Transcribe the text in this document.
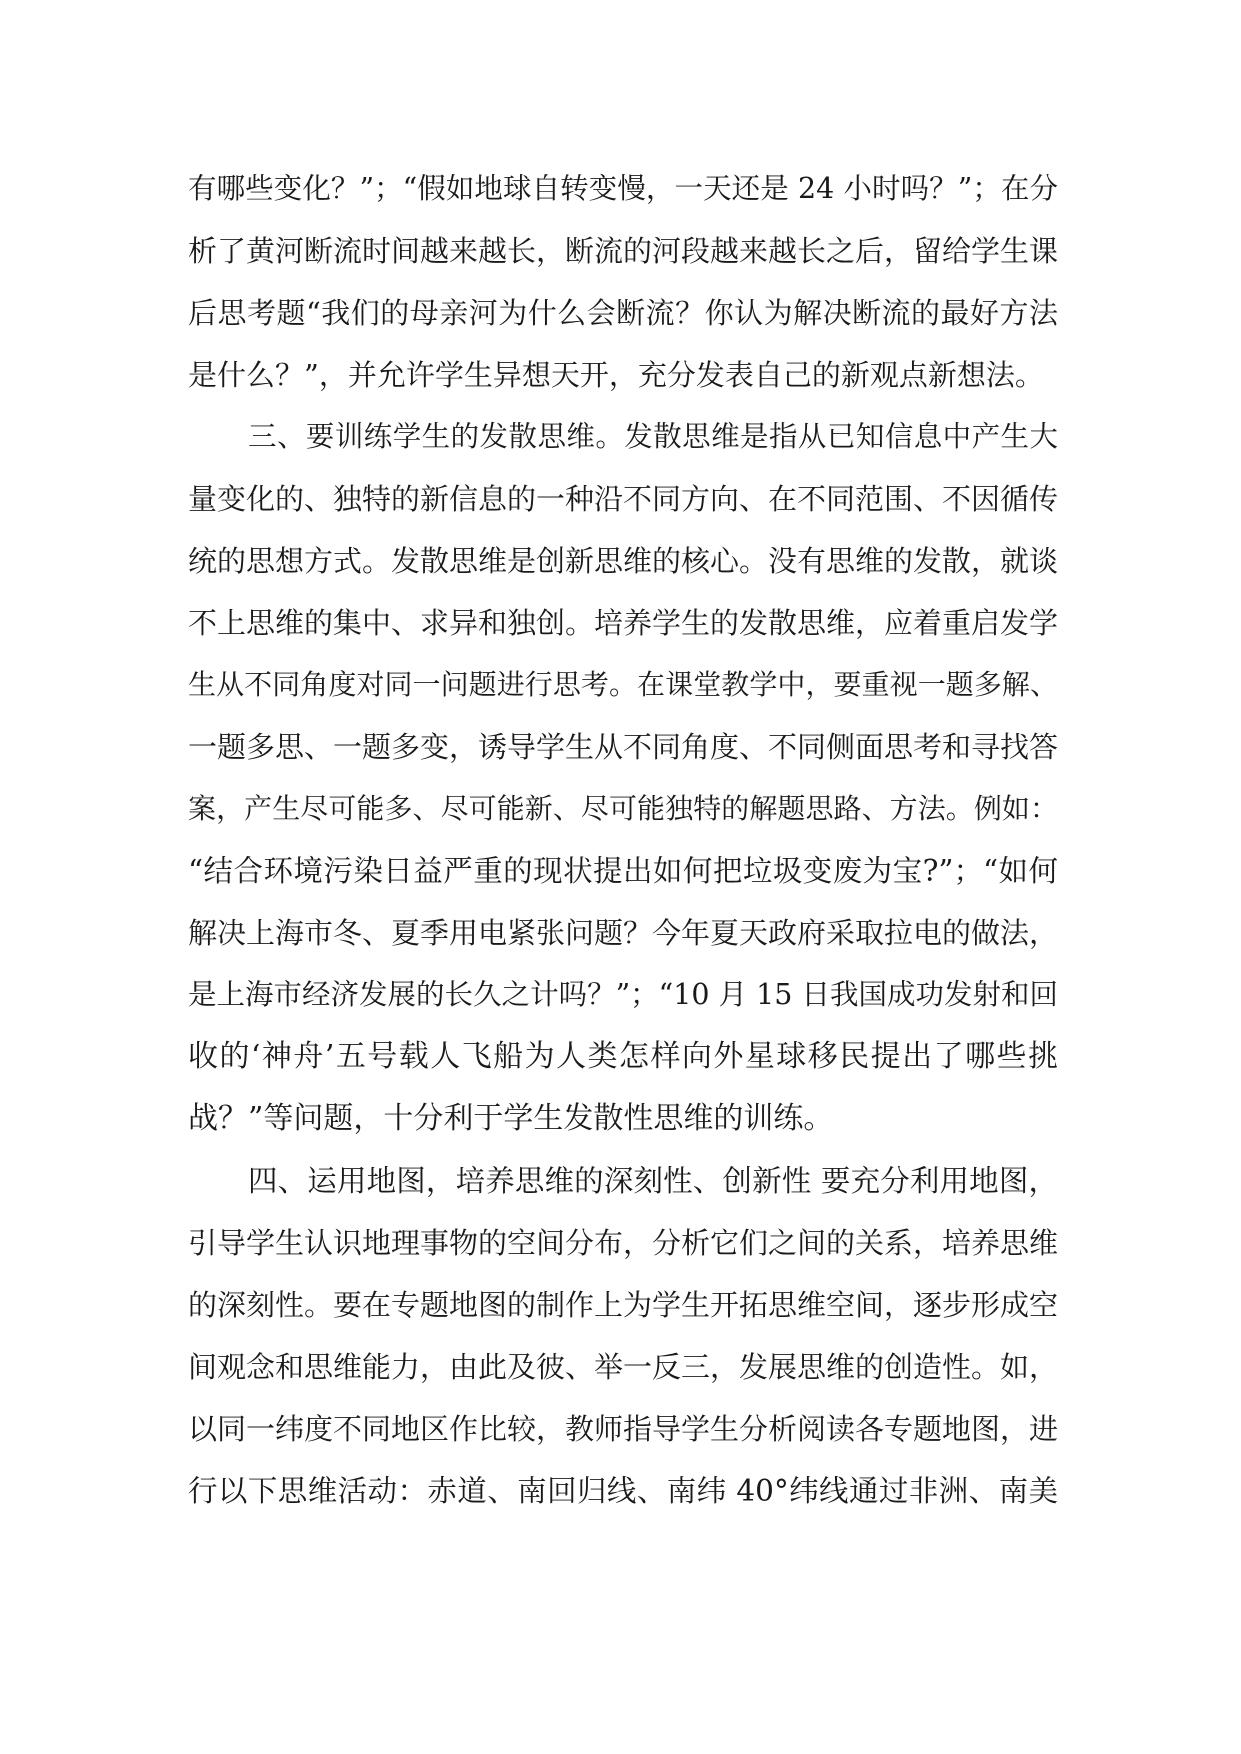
有哪些变化？”；“假如地球自转变慢，一天还是 24 小时吗？”；在分
析了黄河断流时间越来越长，断流的河段越来越长之后，留给学生课
后思考题“我们的母亲河为什么会断流？你认为解决断流的最好方法
是什么？”，并允许学生异想天开，充分发表自己的新观点新想法。
三、要训练学生的发散思维。发散思维是指从已知信息中产生大
量变化的、独特的新信息的一种沿不同方向、在不同范围、不因循传
统的思想方式。发散思维是创新思维的核心。没有思维的发散，就谈
不上思维的集中、求异和独创。培养学生的发散思维，应着重启发学
生从不同角度对同一问题进行思考。在课堂教学中，要重视一题多解、
一题多思、一题多变，诱导学生从不同角度、不同侧面思考和寻找答
案，产生尽可能多、尽可能新、尽可能独特的解题思路、方法。例如：
“结合环境污染日益严重的现状提出如何把垃圾变废为宝?”；“如何
解决上海市冬、夏季用电紧张问题？今年夏天政府采取拉电的做法，
是上海市经济发展的长久之计吗？”；“10 月 15 日我国成功发射和回
收的‘神舟’五号载人飞船为人类怎样向外星球移民提出了哪些挑
战？”等问题，十分利于学生发散性思维的训练。
四、运用地图，培养思维的深刻性、创新性 要充分利用地图，
引导学生认识地理事物的空间分布，分析它们之间的关系，培养思维
的深刻性。要在专题地图的制作上为学生开拓思维空间，逐步形成空
间观念和思维能力，由此及彼、举一反三，发展思维的创造性。如，
以同一纬度不同地区作比较，教师指导学生分析阅读各专题地图，进
行以下思维活动：赤道、南回归线、南纬 40°纬线通过非洲、南美
